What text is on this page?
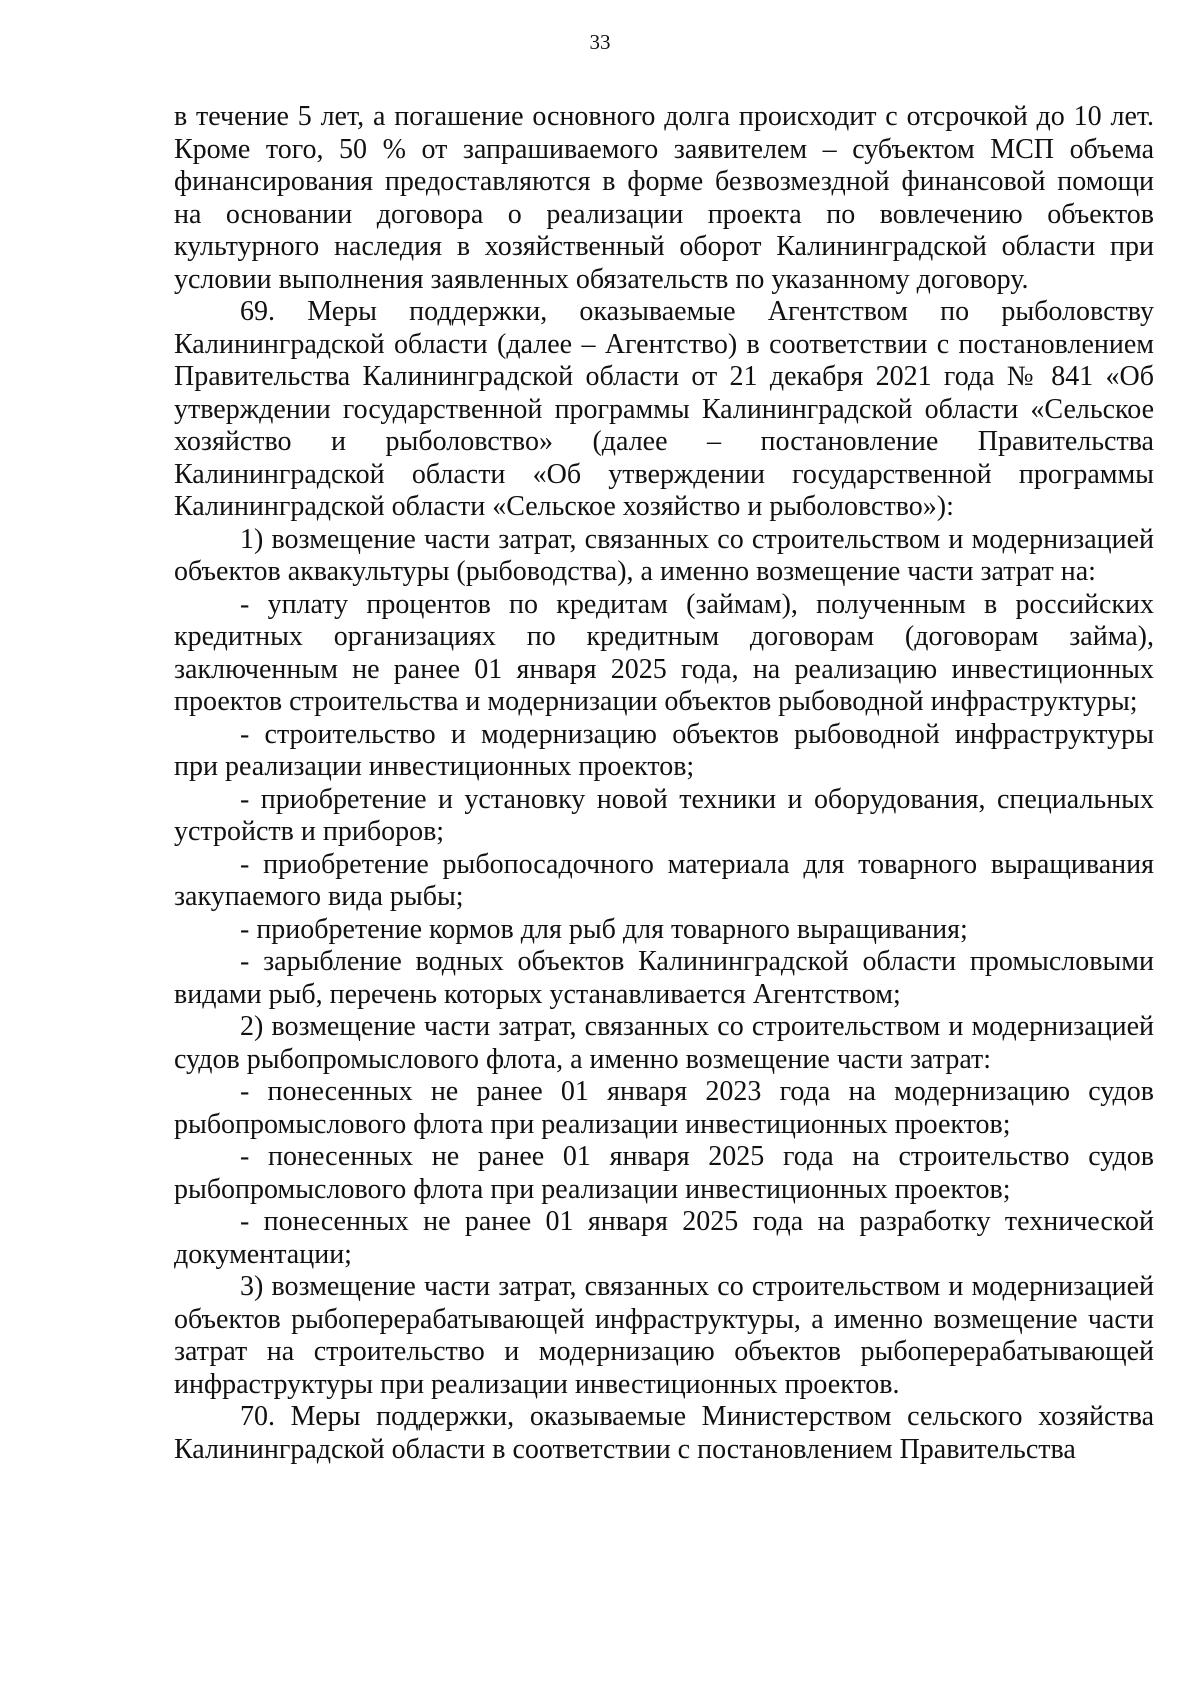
33

в течение 5 лет, а погашение основного долга происходит с отсрочкой до 10 лет. Кроме того, 50 % от запрашиваемого заявителем – субъектом МСП объема финансирования предоставляются в форме безвозмездной финансовой помощи на основании договора о реализации проекта по вовлечению объектов культурного наследия в хозяйственный оборот Калининградской области при условии выполнения заявленных обязательств по указанному договору.

69. Меры поддержки, оказываемые Агентством по рыболовству Калининградской области (далее – Агентство) в соответствии с постановлением Правительства Калининградской области от 21 декабря 2021 года № 841 «Об утверждении государственной программы Калининградской области «Сельское хозяйство и рыболовство» (далее – постановление Правительства Калининградской области «Об утверждении государственной программы Калининградской области «Сельское хозяйство и рыболовство»):

1) возмещение части затрат, связанных со строительством и модернизацией объектов аквакультуры (рыбоводства), а именно возмещение части затрат на:

- уплату процентов по кредитам (займам), полученным в российских кредитных организациях по кредитным договорам (договорам займа), заключенным не ранее 01 января 2025 года, на реализацию инвестиционных проектов строительства и модернизации объектов рыбоводной инфраструктуры;

- строительство и модернизацию объектов рыбоводной инфраструктуры при реализации инвестиционных проектов;

- приобретение и установку новой техники и оборудования, специальных устройств и приборов;

- приобретение рыбопосадочного материала для товарного выращивания закупаемого вида рыбы;

- приобретение кормов для рыб для товарного выращивания;

- зарыбление водных объектов Калининградской области промысловыми видами рыб, перечень которых устанавливается Агентством;

2) возмещение части затрат, связанных со строительством и модернизацией судов рыбопромыслового флота, а именно возмещение части затрат:

- понесенных не ранее 01 января 2023 года на модернизацию судов рыбопромыслового флота при реализации инвестиционных проектов;

- понесенных не ранее 01 января 2025 года на строительство судов рыбопромыслового флота при реализации инвестиционных проектов;

- понесенных не ранее 01 января 2025 года на разработку технической документации;

3) возмещение части затрат, связанных со строительством и модернизацией объектов рыбоперерабатывающей инфраструктуры, а именно возмещение части затрат на строительство и модернизацию объектов рыбоперерабатывающей инфраструктуры при реализации инвестиционных проектов.

70. Меры поддержки, оказываемые Министерством сельского хозяйства Калининградской области в соответствии с постановлением Правительства
